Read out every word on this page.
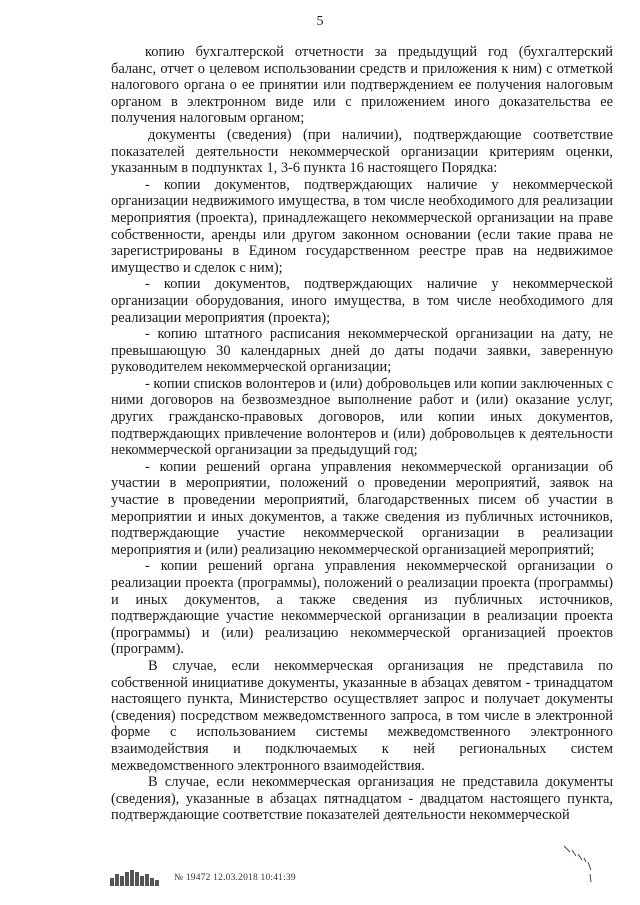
5

копию бухгалтерской отчетности за предыдущий год (бухгалтерский баланс, отчет о целевом использовании средств и приложения к ним) с отметкой налогового органа о ее принятии или подтверждением ее получения налоговым органом в электронном виде или с приложением иного доказательства ее получения налоговым органом;

документы (сведения) (при наличии), подтверждающие соответствие показателей деятельности некоммерческой организации критериям оценки, указанным в подпунктах 1, 3-6 пункта 16 настоящего Порядка:

- копии документов, подтверждающих наличие у некоммерческой организации недвижимого имущества, в том числе необходимого для реализации мероприятия (проекта), принадлежащего некоммерческой организации на праве собственности, аренды или другом законном основании (если такие права не зарегистрированы в Едином государственном реестре прав на недвижимое имущество и сделок с ним);

- копии документов, подтверждающих наличие у некоммерческой организации оборудования, иного имущества, в том числе необходимого для реализации мероприятия (проекта);

- копию штатного расписания некоммерческой организации на дату, не превышающую 30 календарных дней до даты подачи заявки, заверенную руководителем некоммерческой организации;

- копии списков волонтеров и (или) добровольцев или копии заключенных с ними договоров на безвозмездное выполнение работ и (или) оказание услуг, других гражданско-правовых договоров, или копии иных документов, подтверждающих привлечение волонтеров и (или) добровольцев к деятельности некоммерческой организации за предыдущий год;

- копии решений органа управления некоммерческой организации об участии в мероприятии, положений о проведении мероприятий, заявок на участие в проведении мероприятий, благодарственных писем об участии в мероприятии и иных документов, а также сведения из публичных источников, подтверждающие участие некоммерческой организации в реализации мероприятия и (или) реализацию некоммерческой организацией мероприятий;

- копии решений органа управления некоммерческой организации о реализации проекта (программы), положений о реализации проекта (программы) и иных документов, а также сведения из публичных источников, подтверждающие участие некоммерческой организации в реализации проекта (программы) и (или) реализацию некоммерческой организацией проектов (программ).

В случае, если некоммерческая организация не представила по собственной инициативе документы, указанные в абзацах девятом - тринадцатом настоящего пункта, Министерство осуществляет запрос и получает документы (сведения) посредством межведомственного запроса, в том числе в электронной форме с использованием системы межведомственного электронного взаимодействия и подключаемых к ней региональных систем межведомственного электронного взаимодействия.

В случае, если некоммерческая организация не представила документы (сведения), указанные в абзацах пятнадцатом - двадцатом настоящего пункта, подтверждающие соответствие показателей деятельности некоммерческой

№ 19472 12.03.2018 10:41:39
